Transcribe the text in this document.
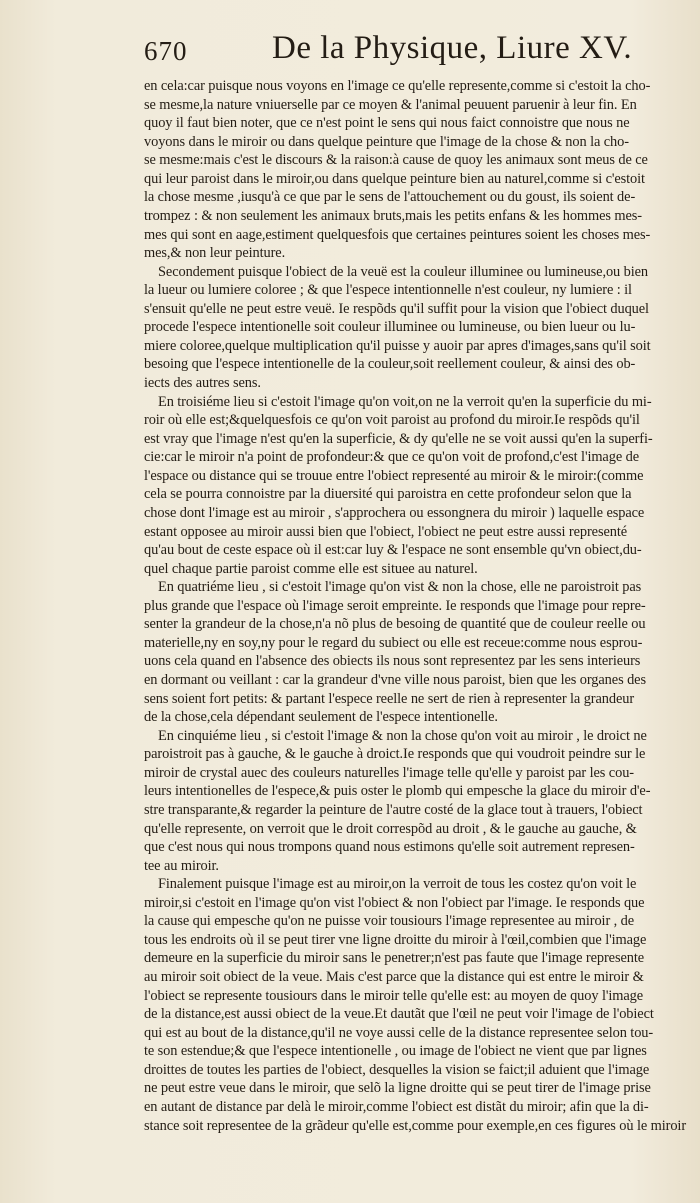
670	De la Physique, Liure XV.
en cela:car puisque nous voyons en l'image ce qu'elle represente,comme si c'estoit la cho-
se mesme,la nature vniuerselle par ce moyen & l'animal peuuent paruenir à leur fin. En
quoy il faut bien noter, que ce n'est point le sens qui nous faict connoistre que nous ne
voyons dans le miroir ou dans quelque peinture que l'image de la chose & non la cho-
se mesme:mais c'est le discours & la raison:à cause de quoy les animaux sont meus de ce
qui leur paroist dans le miroir,ou dans quelque peinture bien au naturel,comme si c'estoit
la chose mesme ,iusqu'à ce que par le sens de l'attouchement ou du goust, ils soient de-
trompez : & non seulement les animaux bruts,mais les petits enfans & les hommes mes-
mes qui sont en aage,estiment quelquesfois que certaines peintures soient les choses mes-
mes,& non leur peinture.
Secondement puisque l'obiect de la veuë est la couleur illuminee ou lumineuse,ou bien
la lueur ou lumiere coloree ; & que l'espece intentionnelle n'est couleur, ny lumiere : il
s'ensuit qu'elle ne peut estre veuë. Ie respõds qu'il suffit pour la vision que l'obiect duquel
procede l'espece intentionelle soit couleur illuminee ou lumineuse, ou bien lueur ou lu-
miere coloree,quelque multiplication qu'il puisse y auoir par apres d'images,sans qu'il soit
besoing que l'espece intentionelle de la couleur,soit reellement couleur, & ainsi des ob-
iects des autres sens.
En troisiéme lieu si c'estoit l'image qu'on voit,on ne la verroit qu'en la superficie du mi-
roir où elle est;&quelquesfois ce qu'on voit paroist au profond du miroir.Ie respõds qu'il
est vray que l'image n'est qu'en la superficie, & dy qu'elle ne se voit aussi qu'en la superfi-
cie:car le miroir n'a point de profondeur:& que ce qu'on voit de profond,c'est l'image de
l'espace ou distance qui se trouue entre l'obiect representé au miroir & le miroir:(comme
cela se pourra connoistre par la diuersité qui paroistra en cette profondeur selon que la
chose dont l'image est au miroir , s'approchera ou essongnera du miroir ) laquelle espace
estant opposee au miroir aussi bien que l'obiect, l'obiect ne peut estre aussi representé
qu'au bout de ceste espace où il est:car luy & l'espace ne sont ensemble qu'vn obiect,du-
quel chaque partie paroist comme elle est situee au naturel.
En quatriéme lieu , si c'estoit l'image qu'on vist & non la chose, elle ne paroistroit pas
plus grande que l'espace où l'image seroit empreinte. Ie responds que l'image pour repre-
senter la grandeur de la chose,n'a nõ plus de besoing de quantité que de couleur reelle ou
materielle,ny en soy,ny pour le regard du subiect ou elle est receue:comme nous esprou-
uons cela quand en l'absence des obiects ils nous sont representez par les sens interieurs
en dormant ou veillant : car la grandeur d'vne ville nous paroist, bien que les organes des
sens soient fort petits: & partant l'espece reelle ne sert de rien à representer la grandeur
de la chose,cela dépendant seulement de l'espece intentionelle.
En cinquiéme lieu , si c'estoit l'image & non la chose qu'on voit au miroir , le droict ne
paroistroit pas à gauche, & le gauche à droict.Ie responds que qui voudroit peindre sur le
miroir de crystal auec des couleurs naturelles l'image telle qu'elle y paroist par les cou-
leurs intentionelles de l'espece,& puis oster le plomb qui empesche la glace du miroir d'e-
stre transparante,& regarder la peinture de l'autre costé de la glace tout à trauers, l'obiect
qu'elle represente, on verroit que le droit correspõd au droit , & le gauche au gauche, &
que c'est nous qui nous trompons quand nous estimons qu'elle soit autrement represen-
tee au miroir.
Finalement puisque l'image est au miroir,on la verroit de tous les costez qu'on voit le
miroir,si c'estoit en l'image qu'on vist l'obiect & non l'obiect par l'image. Ie responds que
la cause qui empesche qu'on ne puisse voir tousiours l'image representee au miroir , de
tous les endroits où il se peut tirer vne ligne droitte du miroir à l'œil,combien que l'image
demeure en la superficie du miroir sans le penetrer;n'est pas faute que l'image represente
au miroir soit obiect de la veue. Mais c'est parce que la distance qui est entre le miroir &
l'obiect se represente tousiours dans le miroir telle qu'elle est: au moyen de quoy l'image
de la distance,est aussi obiect de la veue.Et dautãt que l'œil ne peut voir l'image de l'obiect
qui est au bout de la distance,qu'il ne voye aussi celle de la distance representee selon tou-
te son estendue;& que l'espece intentionelle , ou image de l'obiect ne vient que par lignes
droittes de toutes les parties de l'obiect, desquelles la vision se faict;il aduient que l'image
ne peut estre veue dans le miroir, que selõ la ligne droitte qui se peut tirer de l'image prise
en autant de distance par delà le miroir,comme l'obiect est distãt du miroir; afin que la di-
stance soit representee de la grãdeur qu'elle est,comme pour exemple,en ces figures où le miroir
